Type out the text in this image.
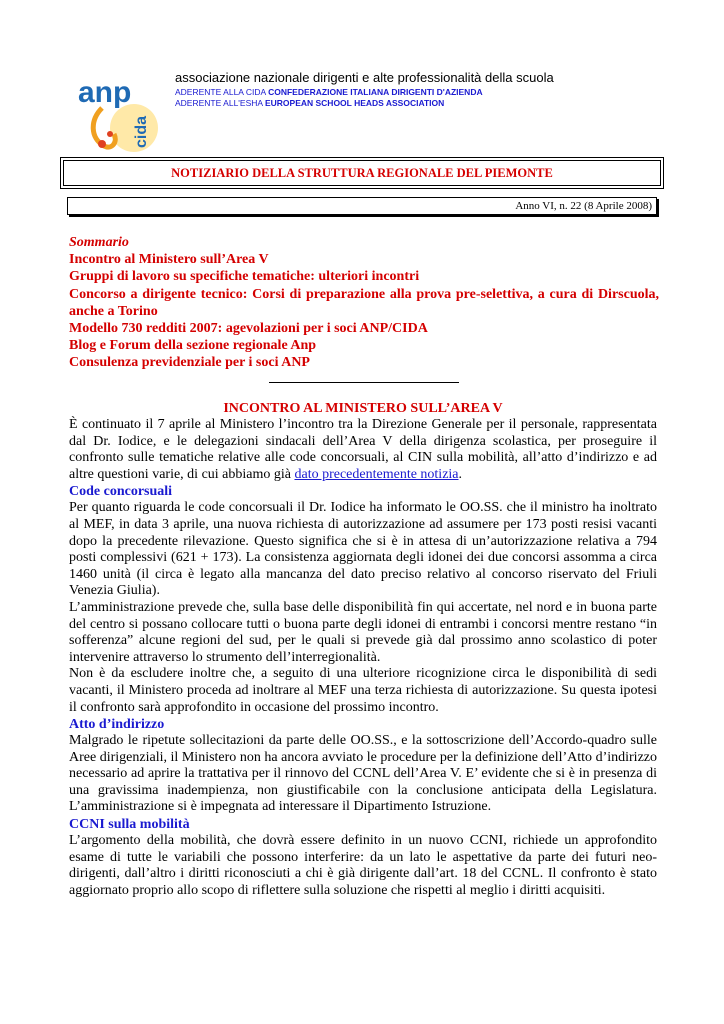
anp
cida
associazione nazionale dirigenti e alte professionalità della scuola
ADERENTE ALLA CIDA CONFEDERAZIONE ITALIANA DIRIGENTI D'AZIENDA
ADERENTE ALL'ESHA EUROPEAN SCHOOL HEADS ASSOCIATION
NOTIZIARIO DELLA STRUTTURA REGIONALE DEL PIEMONTE
Anno VI, n. 22 (8 Aprile 2008)
Sommario
Incontro al Ministero sull’Area V
Gruppi di lavoro su specifiche tematiche: ulteriori incontri
Concorso a dirigente tecnico: Corsi di preparazione alla prova pre-selettiva, a cura di Dirscuola, anche a Torino
Modello 730 redditi 2007: agevolazioni per i soci ANP/CIDA
Blog e Forum della sezione regionale Anp
Consulenza previdenziale per i soci ANP
INCONTRO AL MINISTERO SULL’AREA V

È continuato il 7 aprile al Ministero l’incontro tra la Direzione Generale per il personale, rappresentata dal Dr. Iodice, e le delegazioni sindacali dell’Area V della dirigenza scolastica, per proseguire il confronto sulle tematiche relative alle code concorsuali, al CIN sulla mobilità, all’atto d’indirizzo e ad altre questioni varie, di cui abbiamo già dato precedentemente notizia.

Code concorsuali

Per quanto riguarda le code concorsuali il Dr. Iodice ha informato le OO.SS. che il ministro ha inoltrato al MEF, in data 3 aprile, una nuova richiesta di autorizzazione ad assumere per 173 posti resisi vacanti dopo la precedente rilevazione. Questo significa che si è in attesa di un’autorizzazione relativa a 794 posti complessivi (621 + 173). La consistenza aggiornata degli idonei dei due concorsi assomma a circa 1460 unità (il circa è legato alla mancanza del dato preciso relativo al concorso riservato del Friuli Venezia Giulia).

L’amministrazione prevede che, sulla base delle disponibilità fin qui accertate, nel nord e in buona parte del centro si possano collocare tutti o buona parte degli idonei di entrambi i concorsi mentre restano “in sofferenza” alcune regioni del sud, per le quali si prevede già dal prossimo anno scolastico di poter intervenire attraverso lo strumento dell’interregionalità.

Non è da escludere inoltre che, a seguito di una ulteriore ricognizione circa le disponibilità di sedi vacanti, il Ministero proceda ad inoltrare al MEF una terza richiesta di autorizzazione. Su questa ipotesi il confronto sarà approfondito in occasione del prossimo incontro.

Atto d’indirizzo

Malgrado le ripetute sollecitazioni da parte delle OO.SS., e la sottoscrizione dell’Accordo-quadro sulle Aree dirigenziali, il Ministero non ha ancora avviato le procedure per la definizione dell’Atto d’indirizzo necessario ad aprire la trattativa per il rinnovo del CCNL dell’Area V. E’ evidente che si è in presenza di una gravissima inadempienza, non giustificabile con la conclusione anticipata della Legislatura. L’amministrazione si è impegnata ad interessare il Dipartimento Istruzione.

CCNI sulla mobilità

L’argomento della mobilità, che dovrà essere definito in un nuovo CCNI, richiede un approfondito esame di tutte le variabili che possono interferire: da un lato le aspettative da parte dei futuri neo-dirigenti, dall’altro i diritti riconosciuti a chi è già dirigente dall’art. 18 del CCNL. Il confronto è stato aggiornato proprio allo scopo di riflettere sulla soluzione che rispetti al meglio i diritti acquisiti.
